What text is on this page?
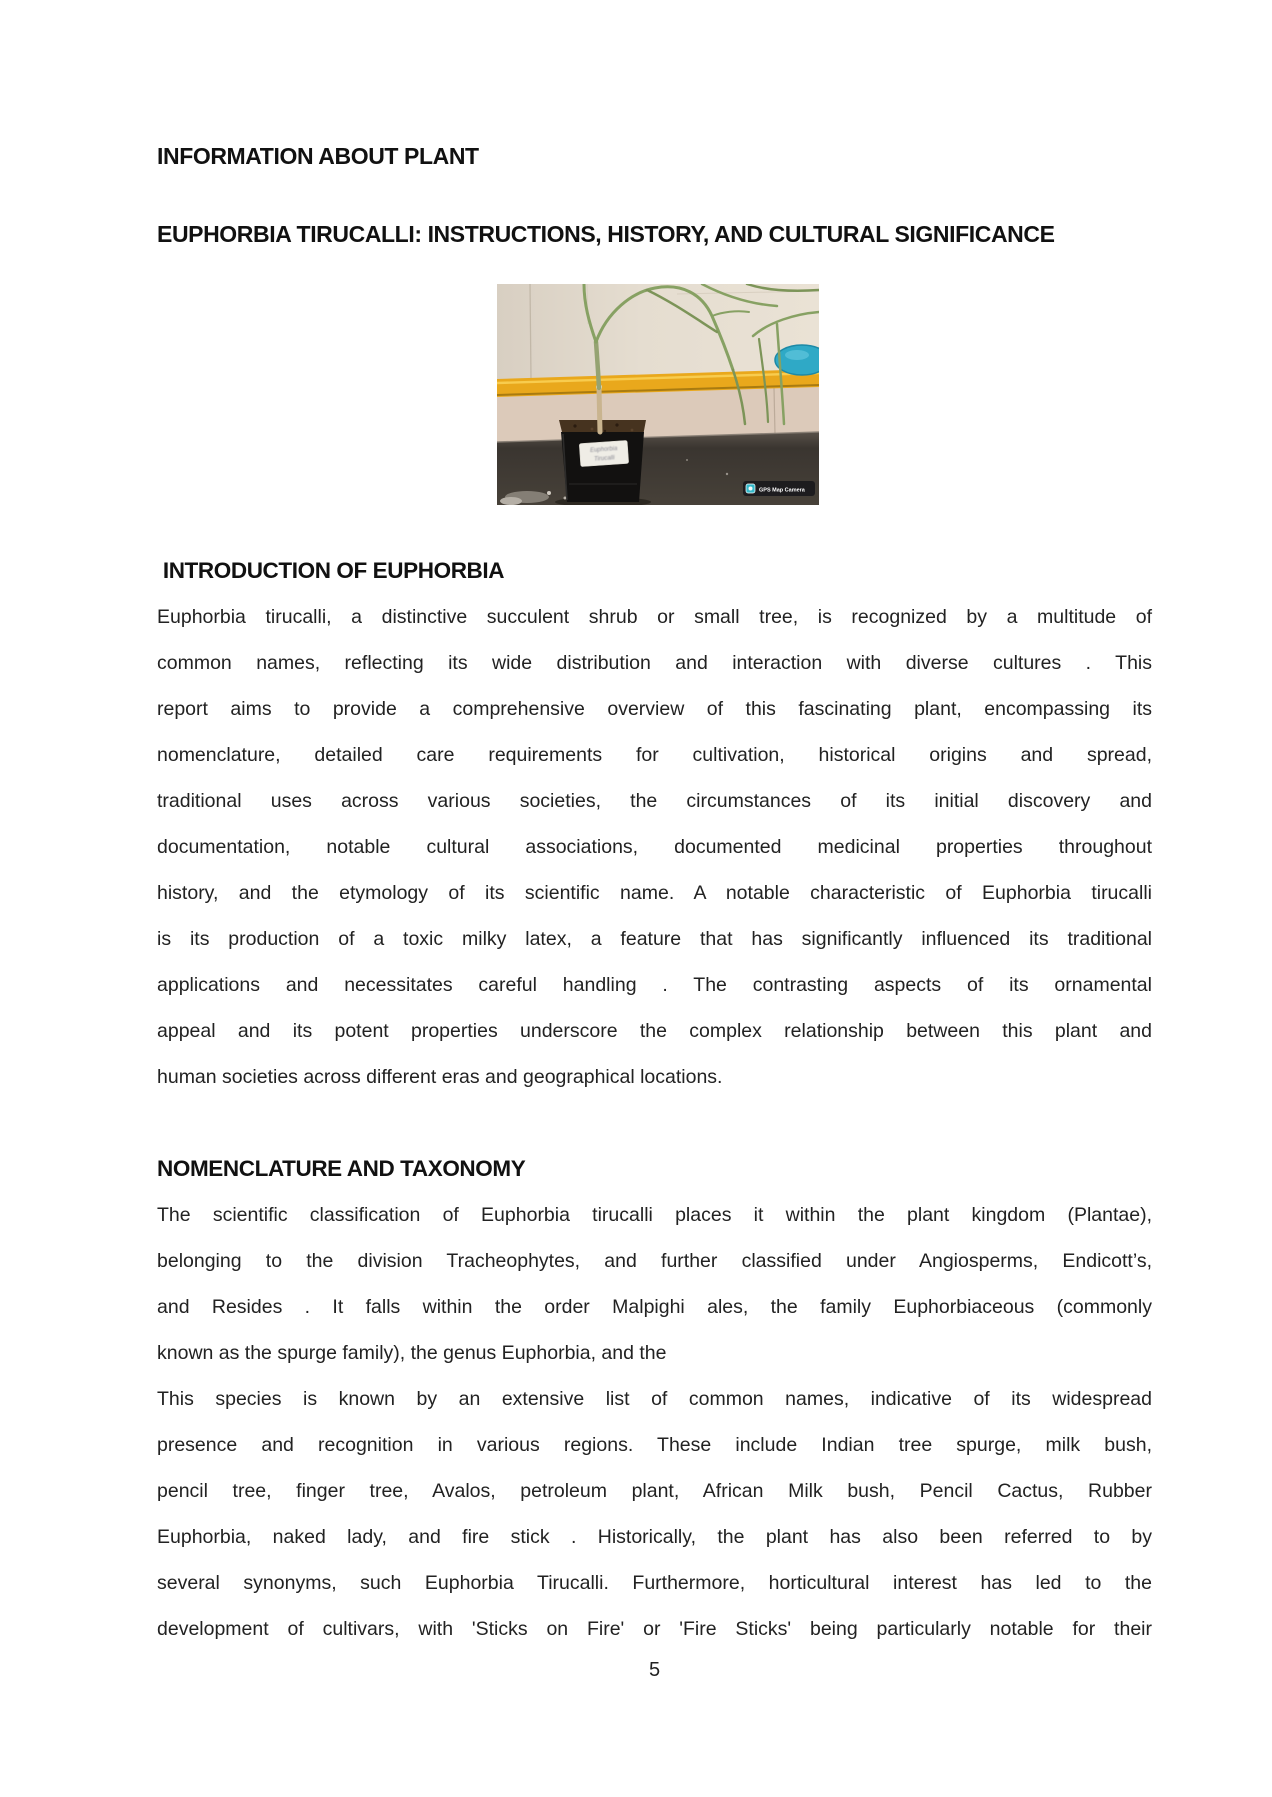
INFORMATION ABOUT PLANT
EUPHORBIA TIRUCALLI: INSTRUCTIONS, HISTORY, AND CULTURAL SIGNIFICANCE
Euphorbia
Tirucalli
GPS Map Camera
INTRODUCTION OF EUPHORBIA
Euphorbia tirucalli, a distinctive succulent shrub or small tree, is recognized by a multitude of
common names, reflecting its wide distribution and interaction with diverse cultures . This
report aims to provide a comprehensive overview of this fascinating plant, encompassing its
nomenclature, detailed care requirements for cultivation, historical origins and spread,
traditional uses across various societies, the circumstances of its initial discovery and
documentation, notable cultural associations, documented medicinal properties throughout
history, and the etymology of its scientific name. A notable characteristic of Euphorbia tirucalli
is its production of a toxic milky latex, a feature that has significantly influenced its traditional
applications and necessitates careful handling . The contrasting aspects of its ornamental
appeal and its potent properties underscore the complex relationship between this plant and
human societies across different eras and geographical locations.
NOMENCLATURE AND TAXONOMY
The scientific classification of Euphorbia tirucalli places it within the plant kingdom (Plantae),
belonging to the division Tracheophytes, and further classified under Angiosperms, Endicott’s,
and Resides . It falls within the order Malpighi ales, the family Euphorbiaceous (commonly
known as the spurge family), the genus Euphorbia, and the
This species is known by an extensive list of common names, indicative of its widespread
presence and recognition in various regions. These include Indian tree spurge, milk bush,
pencil tree, finger tree, Avalos, petroleum plant, African Milk bush, Pencil Cactus, Rubber
Euphorbia, naked lady, and fire stick . Historically, the plant has also been referred to by
several synonyms, such Euphorbia Tirucalli. Furthermore, horticultural interest has led to the
development of cultivars, with 'Sticks on Fire' or 'Fire Sticks' being particularly notable for their
5
